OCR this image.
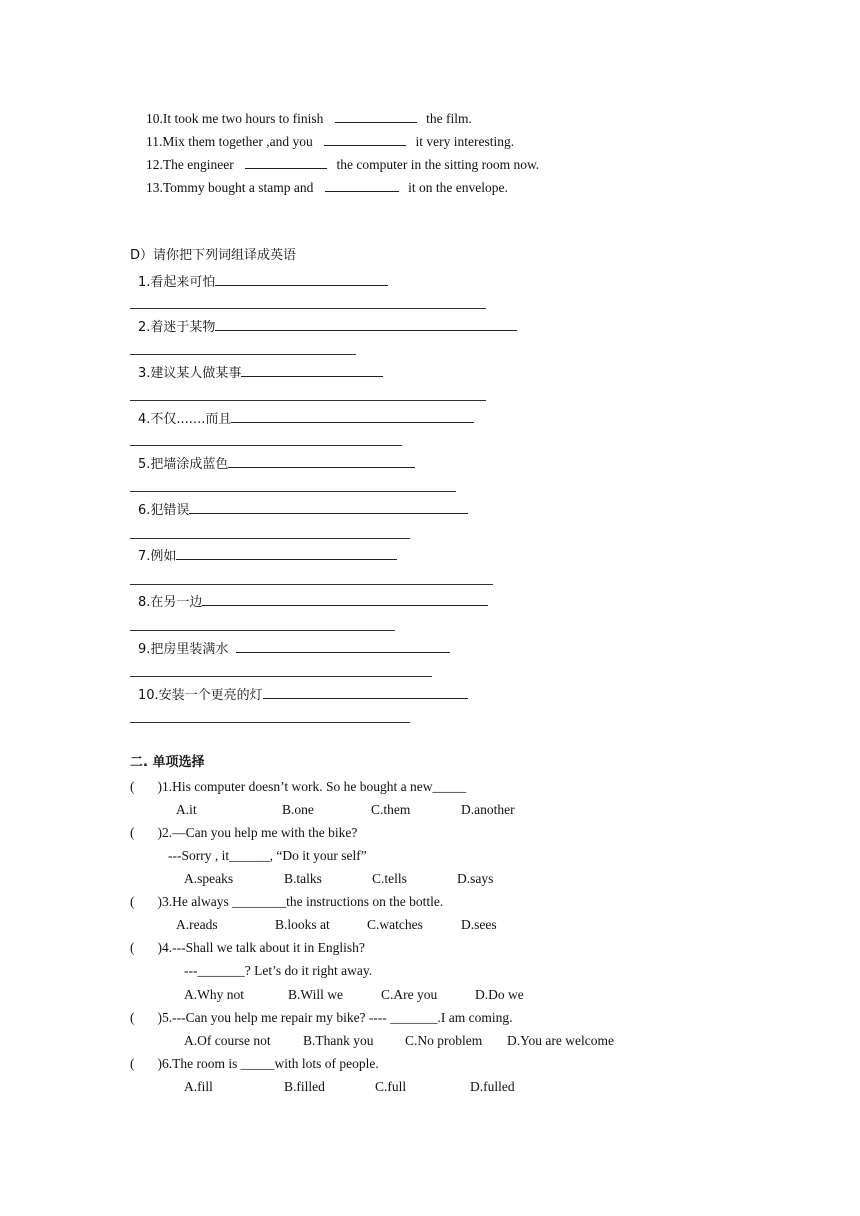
10.It took me two hours to finish	the film.
11.Mix them together ,and you	it very interesting.
12.The engineer	the computer in the sitting room now.
13.Tommy bought a stamp and	it on the envelope.
D）请你把下列词组译成英语
1.看起来可怕
2.着迷于某物
3.建议某人做某事
4.不仅.......而且
5.把墙涂成蓝色
6.犯错误
7.例如
8.在另一边
9.把房里装满水
10.安装一个更亮的灯
二. 单项选择
( )1.His computer doesn’t work. So he bought a new_____
A.it	B.one	C.them	D.another
( )2.—Can you help me with the bike?
---Sorry , it______, “Do it your self”
A.speaks	B.talks	C.tells	D.says
( )3.He always ________the instructions on the bottle.
A.reads	B.looks at	C.watches	D.sees
( )4.---Shall we talk about it in English?
---_______? Let’s do it right away.
A.Why not	B.Will we	C.Are you	D.Do we
( )5.---Can you help me repair my bike? ---- _______.I am coming.
A.Of course not B.Thank you C.No problem D.You are welcome
( )6.The room is _____with lots of people.
A.fill	B.filled	C.full	D.fulled
